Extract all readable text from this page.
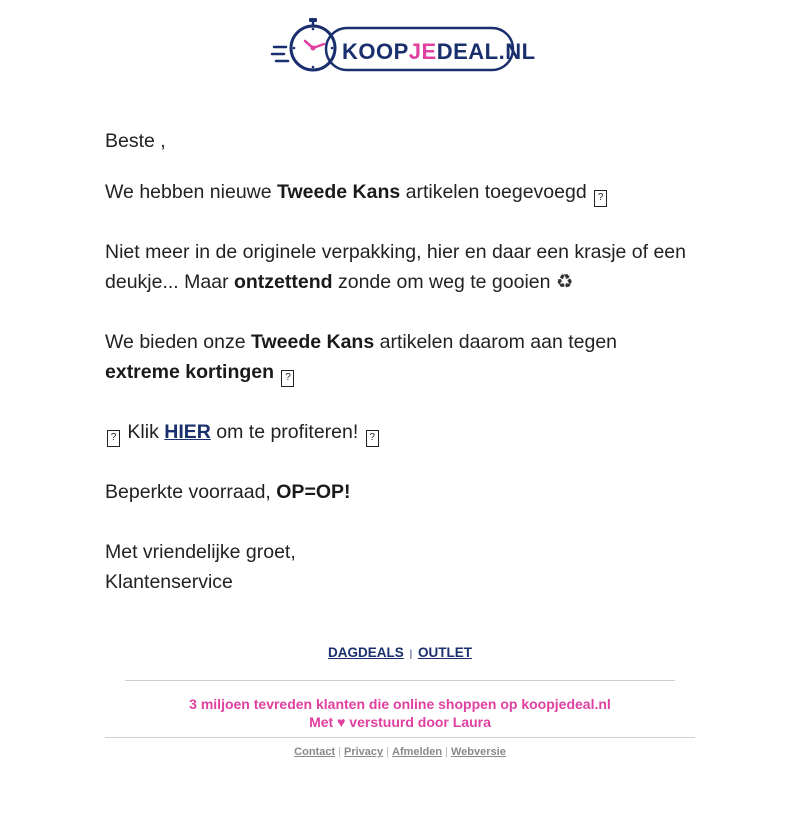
KOOPJEDEAL.NL

Beste ,

We hebben nieuwe Tweede Kans artikelen toegevoegd ?

Niet meer in de originele verpakking, hier en daar een krasje of een deukje... Maar ontzettend zonde om weg te gooien ♻

We bieden onze Tweede Kans artikelen daarom aan tegen extreme kortingen ?

? Klik HIER om te profiteren! ?

Beperkte voorraad, OP=OP!

Met vriendelijke groet,

Klantenservice

DAGDEALS | OUTLET
3 miljoen tevreden klanten die online shoppen op koopjedeal.nl
Met ♥ verstuurd door Laura
Contact | Privacy | Afmelden | Webversie
